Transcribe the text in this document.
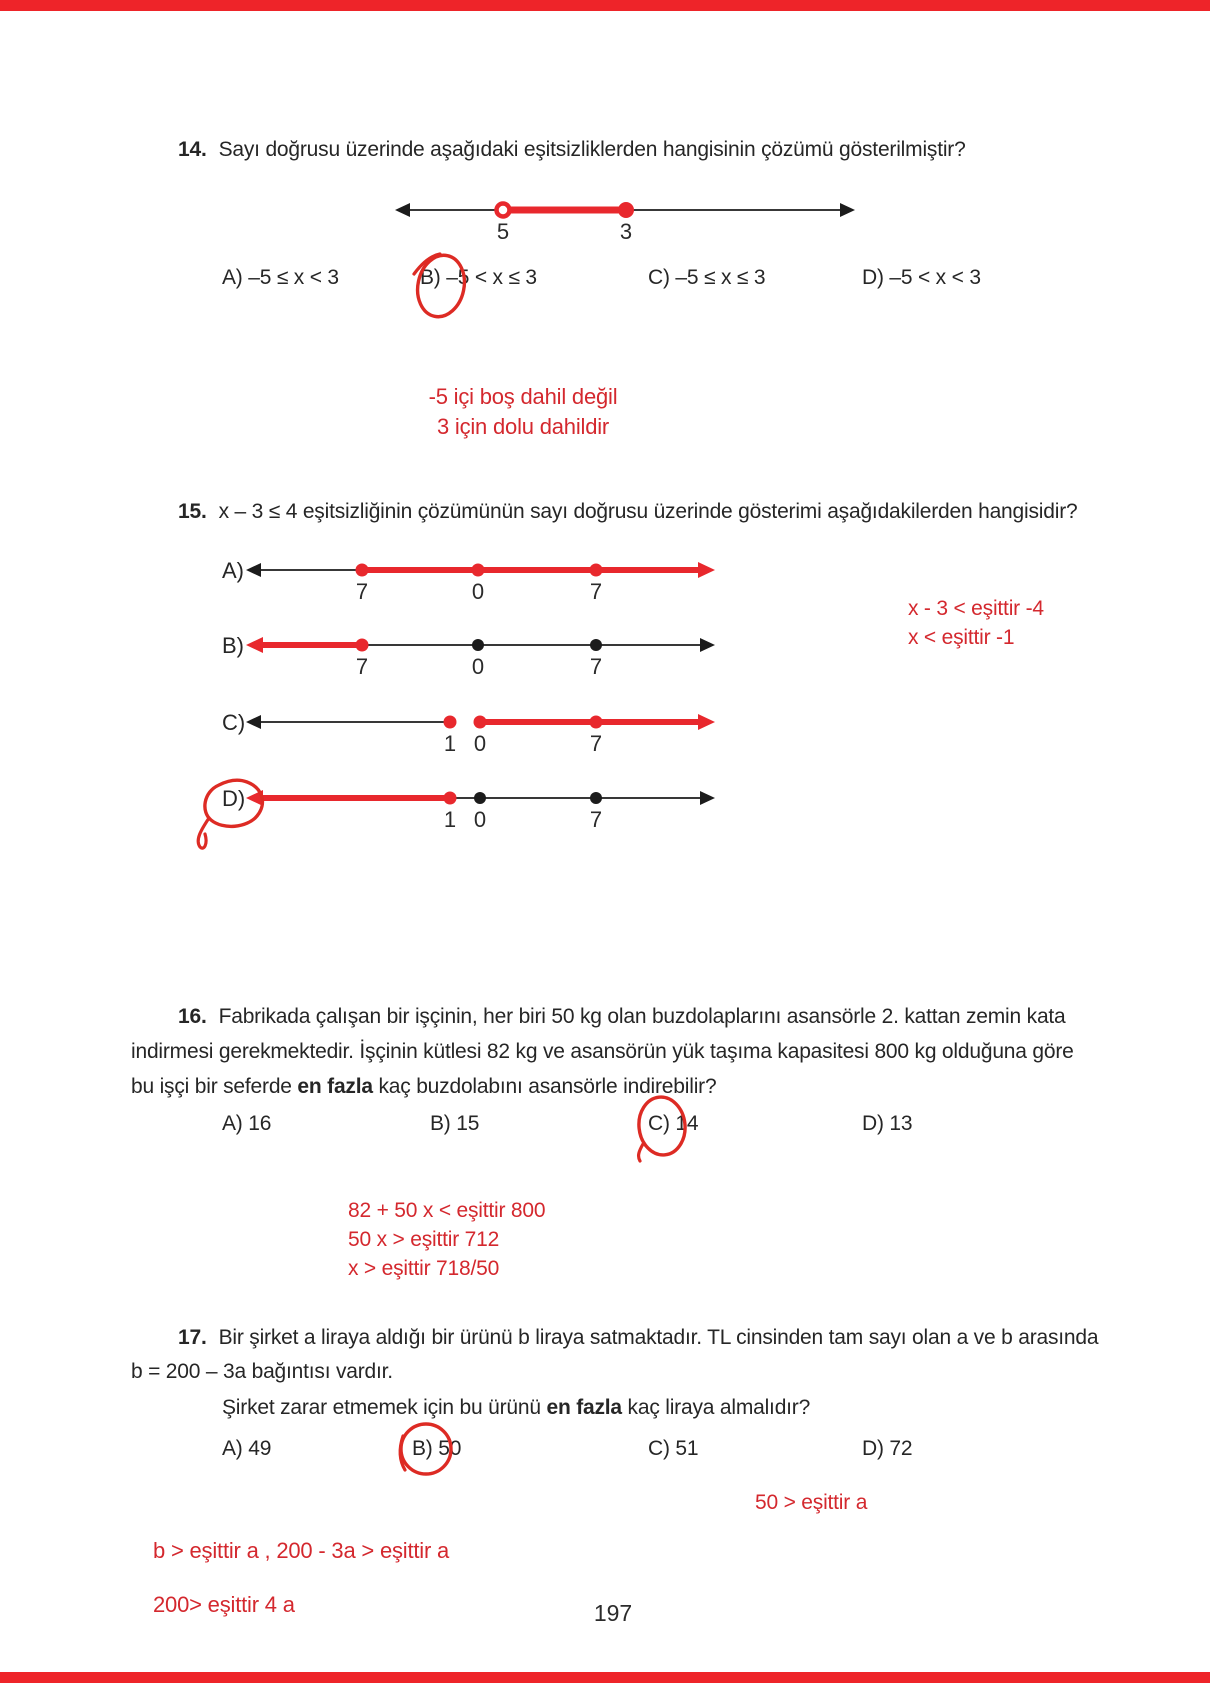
14. Sayı doğrusu üzerinde aşağıdaki eşitsizliklerden hangisinin çözümü gösterilmiştir?
5	3
A) –5 ≤ x < 3	B) –5 < x ≤ 3	C) –5 ≤ x ≤ 3	D) –5 < x < 3
-5 içi boş dahil değil
3 için dolu dahildir
15. x – 3 ≤ 4 eşitsizliğinin çözümünün sayı doğrusu üzerinde gösterimi aşağıdakilerden hangisidir?
A)
B)
C)
D)
7	0	7
7	0	7
1 0	7
1 0	7
x - 3 < eşittir -4
x < eşittir -1
16. Fabrikada çalışan bir işçinin, her biri 50 kg olan buzdolaplarını asansörle 2. kattan zemin kata
indirmesi gerekmektedir. İşçinin kütlesi 82 kg ve asansörün yük taşıma kapasitesi 800 kg olduğuna göre
bu işçi bir seferde en fazla kaç buzdolabını asansörle indirebilir?
A) 16	B) 15	C) 14	D) 13
82 + 50 x < eşittir 800
50 x > eşittir 712
x > eşittir 718/50
17. Bir şirket a liraya aldığı bir ürünü b liraya satmaktadır. TL cinsinden tam sayı olan a ve b arasında
b = 200 – 3a bağıntısı vardır.
Şirket zarar etmemek için bu ürünü en fazla kaç liraya almalıdır?
A) 49	B) 50	C) 51	D) 72
50 > eşittir a
b > eşittir a , 200 - 3a > eşittir a
200> eşittir 4 a	197
